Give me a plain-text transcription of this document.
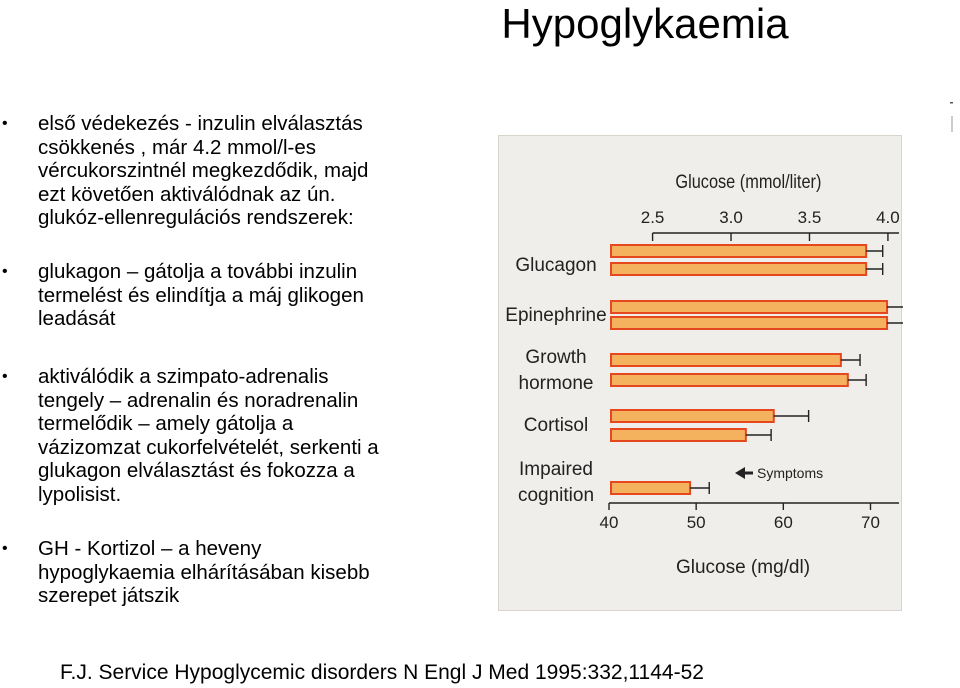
Hypoglykaemia
• első védekezés - inzulin elválasztás
csökkenés , már 4.2 mmol/l-es
vércukorszintnél megkezdődik, majd
ezt követően aktiválódnak az ún.
glukóz-ellenregulációs rendszerek:
• glukagon – gátolja a további inzulin
termelést és elindítja a máj glikogen
leadását
• aktiválódik a szimpato-adrenalis
tengely – adrenalin és noradrenalin
termelődik – amely gátolja a
vázizomzat cukorfelvételét, serkenti a
glukagon elválasztást és fokozza a
lypolisist.
• GH - Kortizol – a heveny
hypoglykaemia elhárításában kisebb
szerepet játszik
Glucose (mmol/liter)
2.5	3.0	3.5	4.0
40	50	60	70
Glucose (mg/dl)
Glucagon
Epinephrine
Growth
hormone
Cortisol
Impaired
cognition
Symptoms
F.J. Service Hypoglycemic disorders N Engl J Med 1995:332,1144-52
